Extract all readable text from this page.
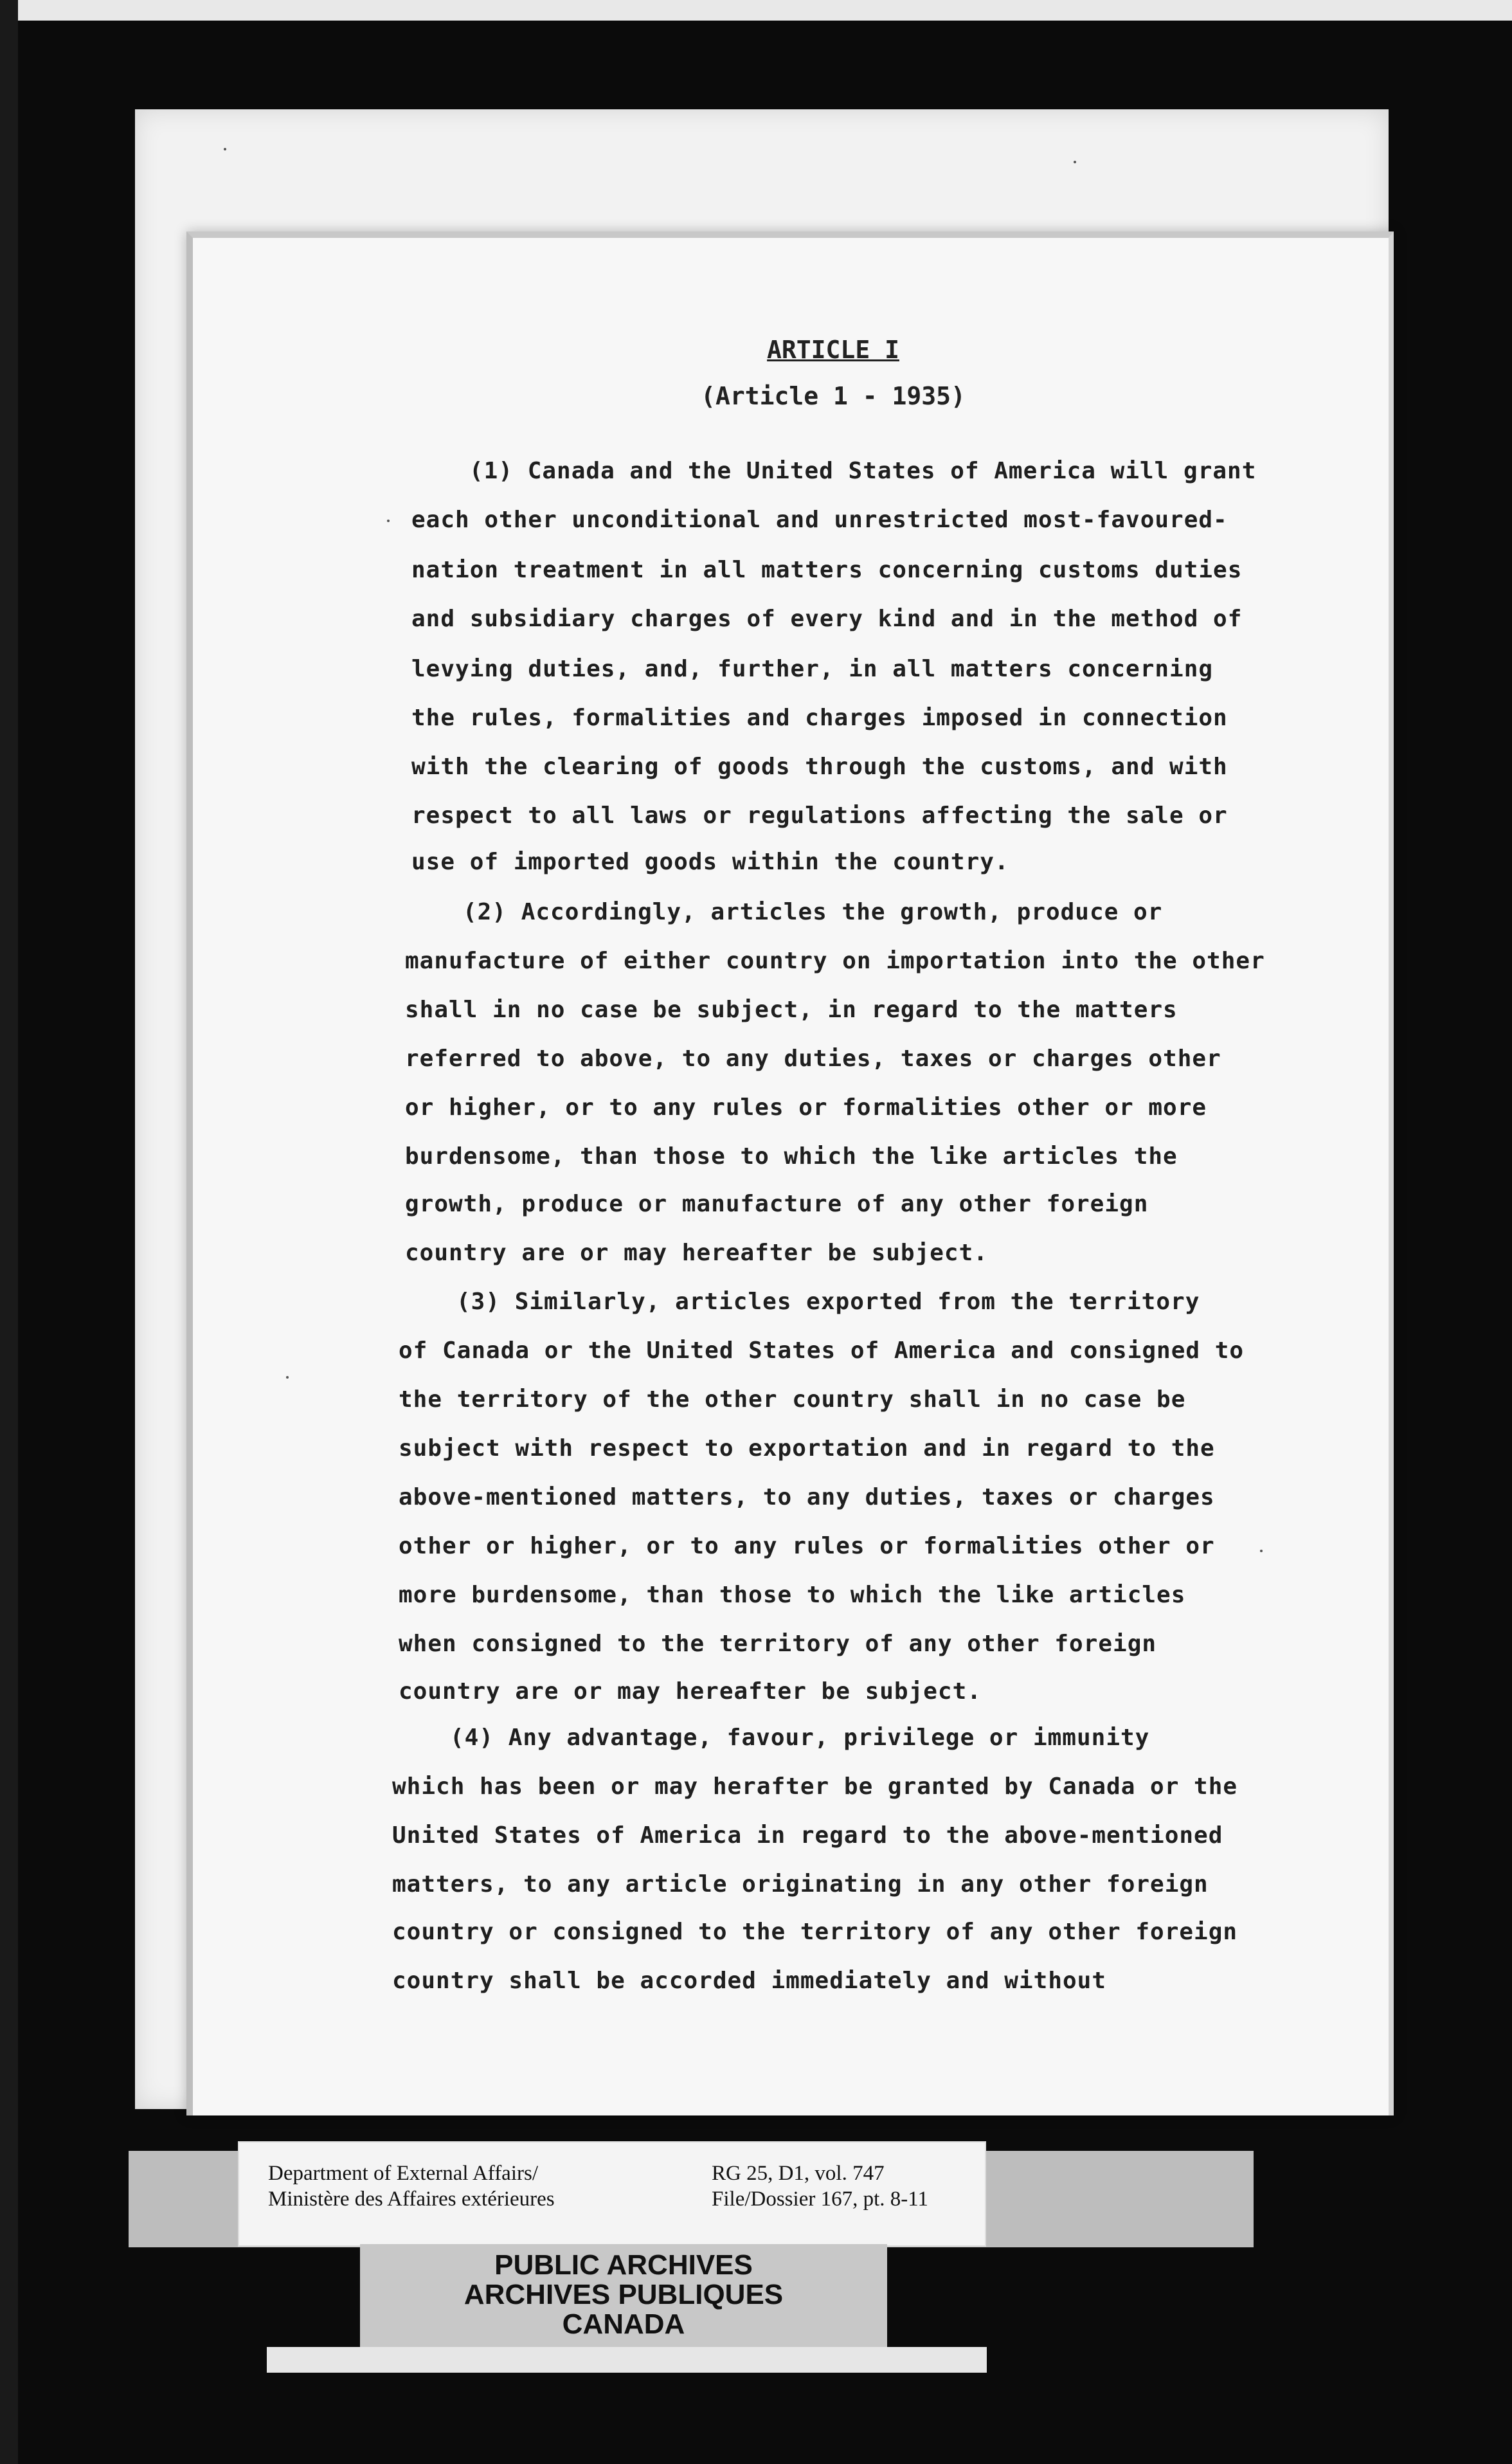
ARTICLE I
(Article 1 - 1935)
(1) Canada and the United States of America will grant
each other unconditional and unrestricted most-favoured-
nation treatment in all matters concerning customs duties
and subsidiary charges of every kind and in the method of
levying duties, and, further, in all matters concerning
the rules, formalities and charges imposed in connection
with the clearing of goods through the customs, and with
respect to all laws or regulations affecting the sale or
use of imported goods within the country.
(2) Accordingly, articles the growth, produce or
manufacture of either country on importation into the other
shall in no case be subject, in regard to the matters
referred to above, to any duties, taxes or charges other
or higher, or to any rules or formalities other or more
burdensome, than those to which the like articles the
growth, produce or manufacture of any other foreign
country are or may hereafter be subject.
(3) Similarly, articles exported from the territory
of Canada or the United States of America and consigned to
the territory of the other country shall in no case be
subject with respect to exportation and in regard to the
above-mentioned matters, to any duties, taxes or charges
other or higher, or to any rules or formalities other or
more burdensome, than those to which the like articles
when consigned to the territory of any other foreign
country are or may hereafter be subject.
(4) Any advantage, favour, privilege or immunity
which has been or may herafter be granted by Canada or the
United States of America in regard to the above-mentioned
matters, to any article originating in any other foreign
country or consigned to the territory of any other foreign
country shall be accorded immediately and without
Department of External Affairs/
Ministère des Affaires extérieures
RG 25, D1, vol. 747
File/Dossier 167, pt. 8-11
PUBLIC ARCHIVES
ARCHIVES PUBLIQUES
CANADA
